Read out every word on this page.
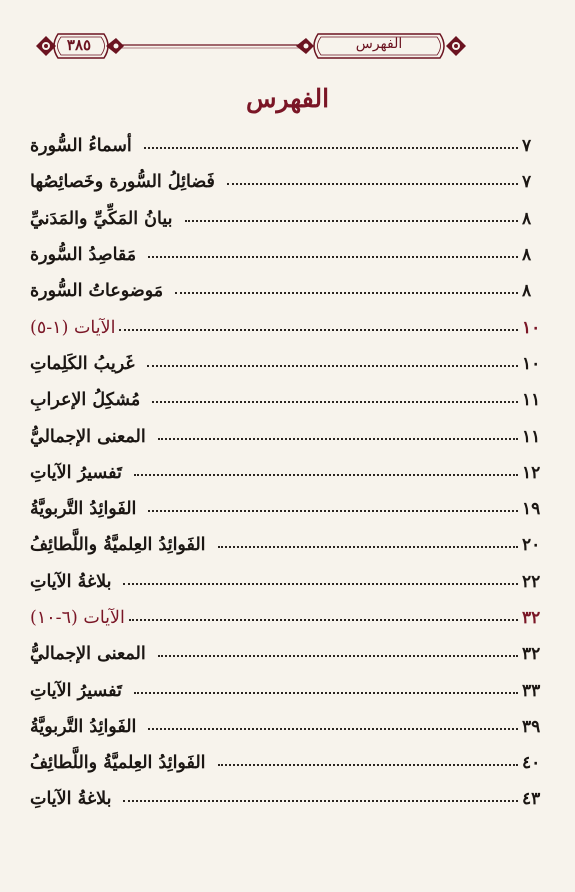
٣٨٥	الفهرس
الفهرس
أسماءُ السُّورة	٧
فَضائِلُ السُّورة وخَصائِصُها	٧
بيانُ المَكِّيِّ والمَدَنيِّ	٨
مَقاصِدُ السُّورة	٨
مَوضوعاتُ السُّورة	٨
الآيات (١-٥)	١٠
غَريبُ الكَلِماتِ	١٠
مُشكِلُ الإعرابِ	١١
المعنى الإجماليُّ	١١
تَفسيرُ الآياتِ	١٢
الفَوائِدُ التَّربويَّةُ	١٩
الفَوائِدُ العِلميَّةُ واللَّطائِفُ	٢٠
بلاغةُ الآياتِ	٢٢
الآيات (٦-١٠)	٣٢
المعنى الإجماليُّ	٣٢
تَفسيرُ الآياتِ	٣٣
الفَوائِدُ التَّربويَّةُ	٣٩
الفَوائِدُ العِلميَّةُ واللَّطائِفُ	٤٠
بلاغةُ الآياتِ	٤٣
